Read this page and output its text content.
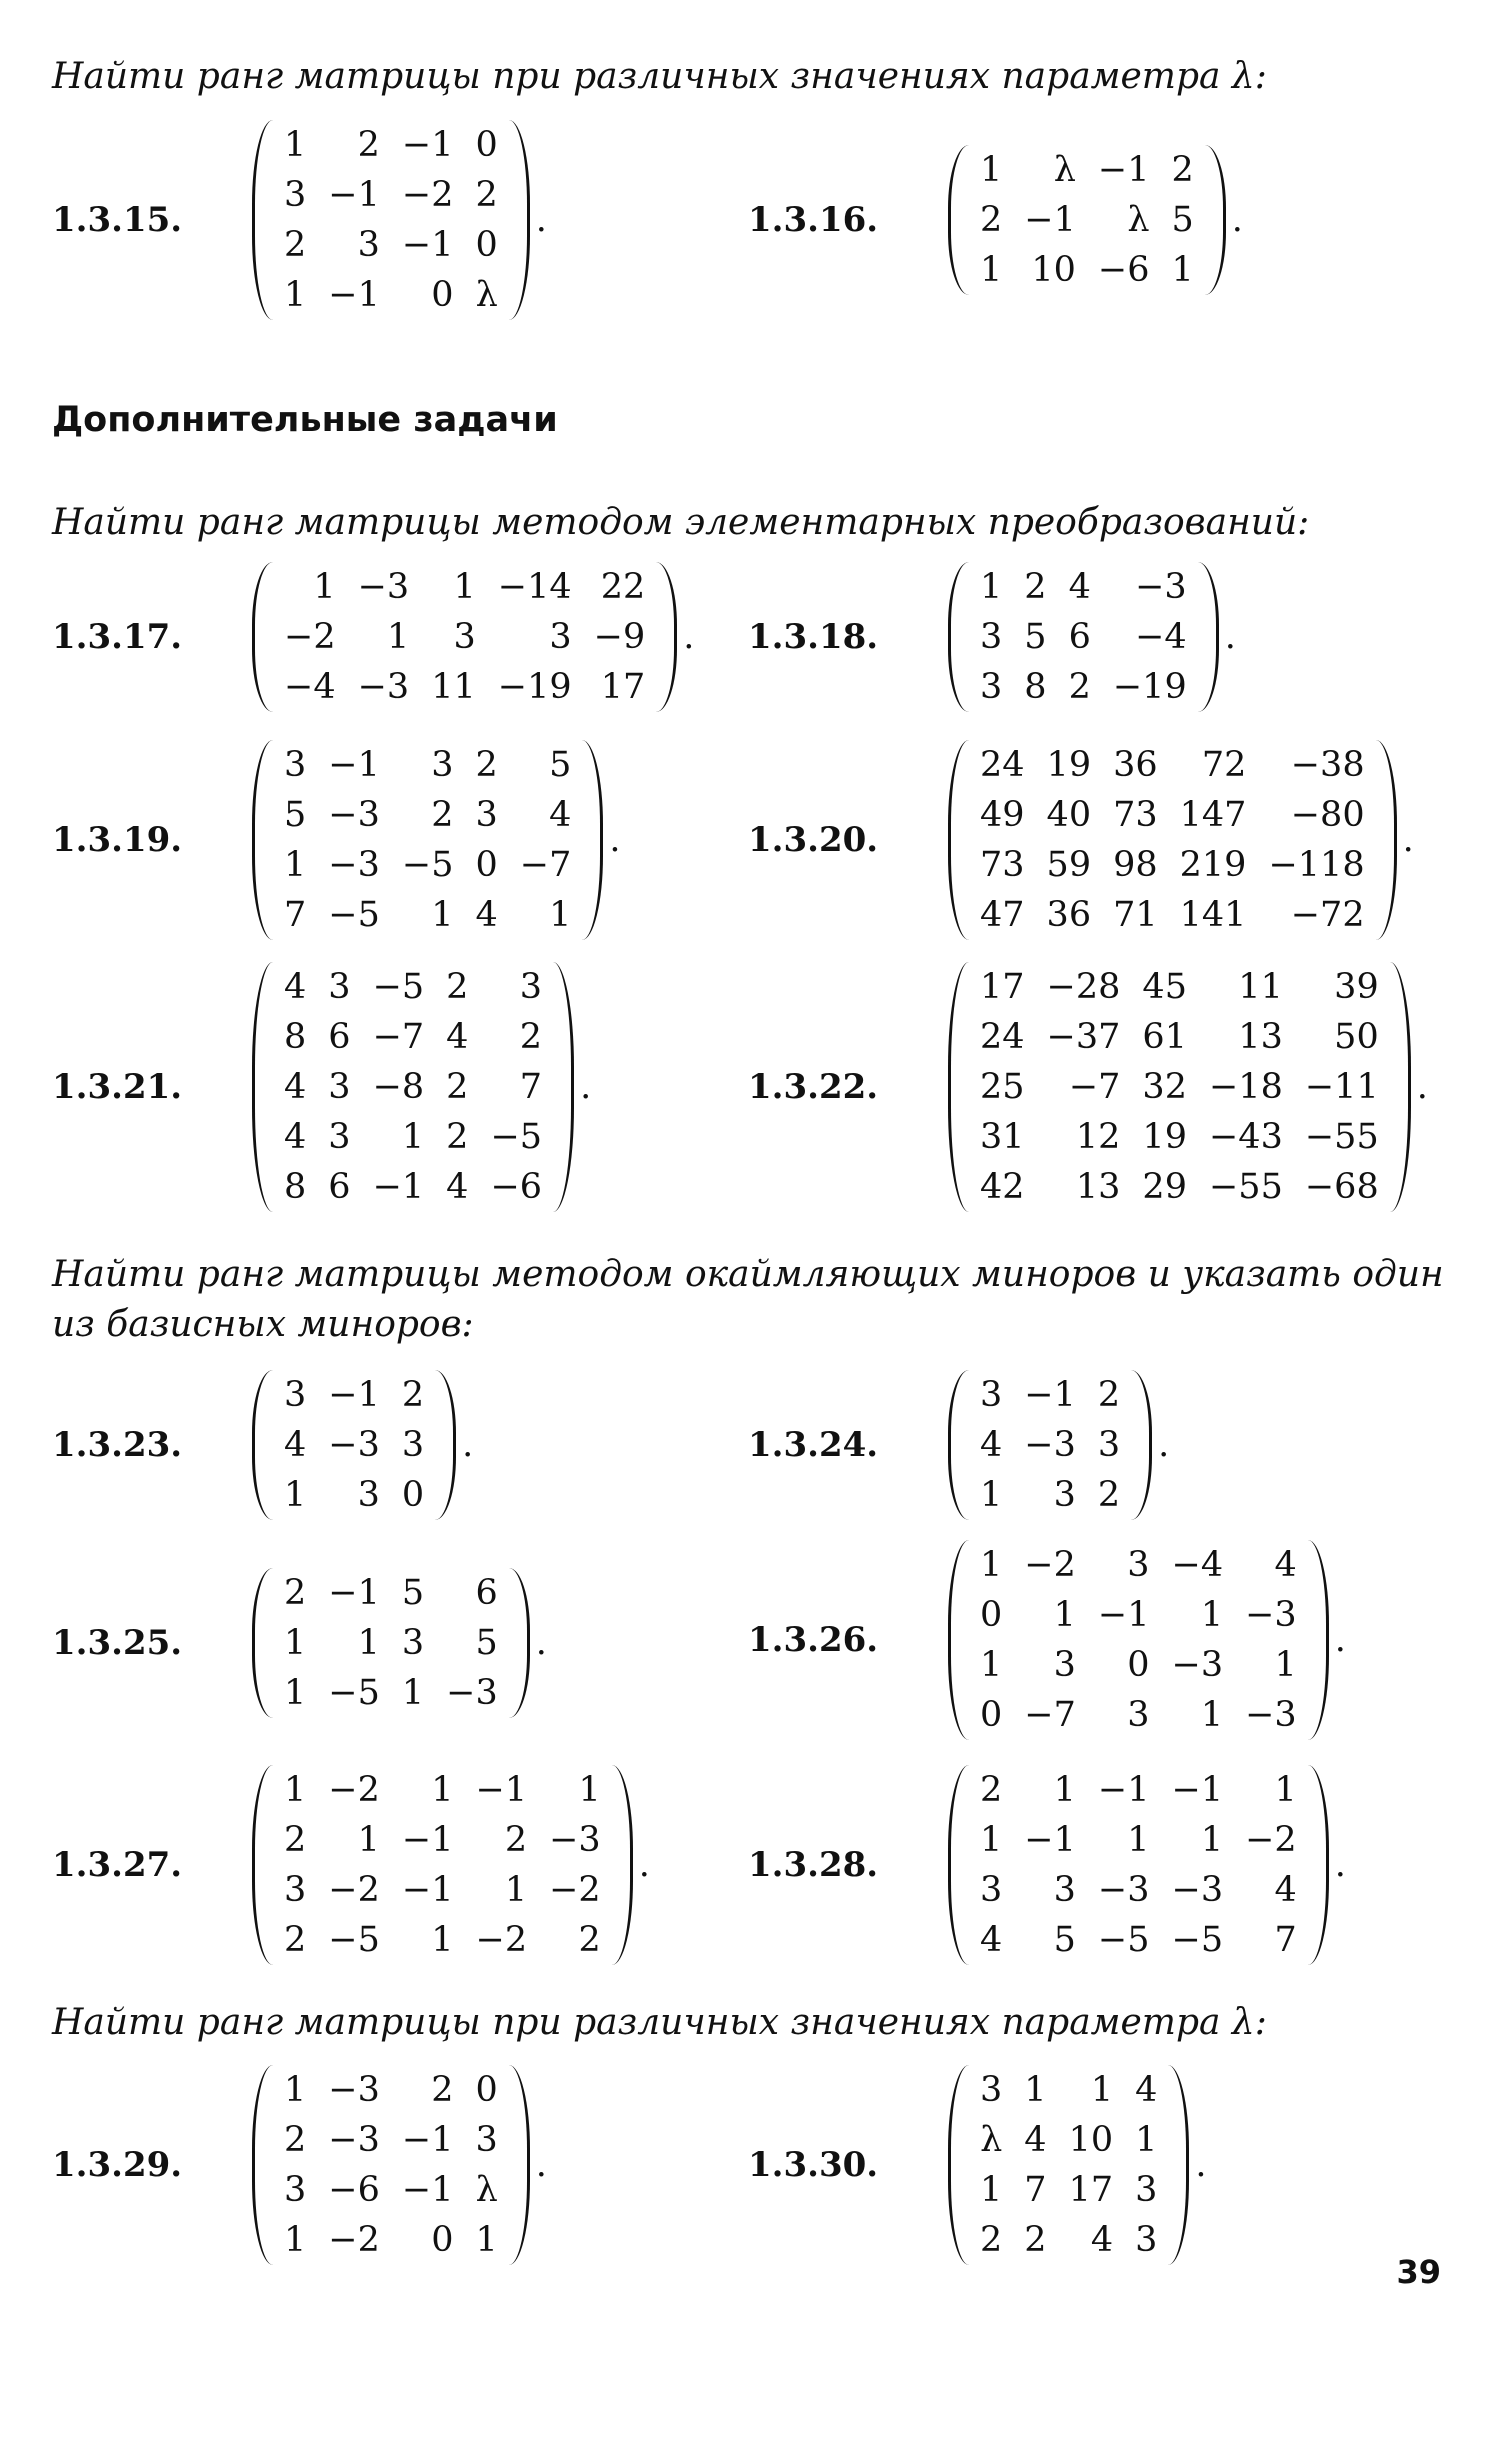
Найти ранг матрицы при различных значениях параметра λ:
1.3.15.
1	2	−1	0
3	−1	−2	2
2	3	−1	0
1	−1	0	λ
.	1.3.16.
1	λ	−1	2
2	−1	λ	5
1	10	−6	1
.
Дополнительные задачи
Найти ранг матрицы методом элементарных преобразований:
1.3.17.
1	−3	1	−14	22
−2	1	3	3	−9
−4	−3	11	−19	17
. 1.3.18.
1	2	4	−3
3	5	6	−4
3	8	2	−19
.
1.3.19.
3	−1	3	2	5
5	−3	2	3	4
1	−3	−5	0	−7
7	−5	1	4	1
.	1.3.20.
24	19	36	72	−38
49	40	73	147	−80
73	59	98	219	−118
47	36	71	141	−72
.
1.3.21.
4	3	−5	2	3
8	6	−7	4	2
4	3	−8	2	7
4	3	1	2	−5
8	6	−1	4	−6
.	1.3.22.
17	−28	45	11	39
24	−37	61	13	50
25	−7	32	−18	−11
31	12	19	−43	−55
42	13	29	−55	−68
.
Найти ранг матрицы методом окаймляющих миноров и указать один из базисных миноров:
1.3.23.
3	−1	2
4	−3	3
1	3	0
.	1.3.24.
3	−1	2
4	−3	3
1	3	2
.
1.3.25.
2	−1	5	6
1	1	3	5
1	−5	1	−3
.	1.3.26.
1	−2	3	−4	4
0	1	−1	1	−3
1	3	0	−3	1
0	−7	3	1	−3
.
1.3.27.
1	−2	1	−1	1
2	1	−1	2	−3
3	−2	−1	1	−2
2	−5	1	−2	2
.	1.3.28.
2	1	−1	−1	1
1	−1	1	1	−2
3	3	−3	−3	4
4	5	−5	−5	7
.
Найти ранг матрицы при различных значениях параметра λ:
1.3.29.
1	−3	2	0
2	−3	−1	3
3	−6	−1	λ
1	−2	0	1
.	1.3.30.
3	1	1	4
λ	4	10	1
1	7	17	3
2	2	4	3
.
39
